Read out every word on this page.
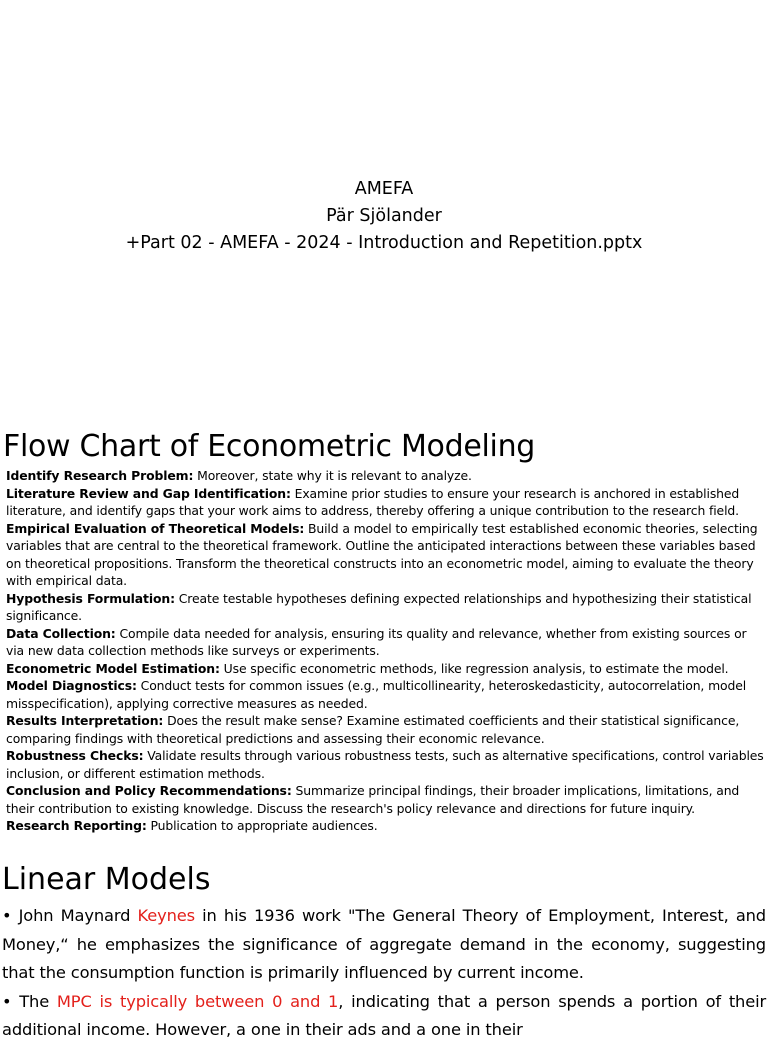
AMEFA
Pär Sjölander
+Part 02 - AMEFA - 2024 - Introduction and Repetition.pptx
Flow Chart of Econometric Modeling
Identify Research Problem: Moreover, state why it is relevant to analyze.
Literature Review and Gap Identification: Examine prior studies to ensure your research is anchored in established literature, and identify gaps that your work aims to address, thereby offering a unique contribution to the research field.
Empirical Evaluation of Theoretical Models: Build a model to empirically test established economic theories, selecting variables that are central to the theoretical framework. Outline the anticipated interactions between these variables based on theoretical propositions. Transform the theoretical constructs into an econometric model, aiming to evaluate the theory with empirical data.
Hypothesis Formulation: Create testable hypotheses defining expected relationships and hypothesizing their statistical significance.
Data Collection: Compile data needed for analysis, ensuring its quality and relevance, whether from existing sources or via new data collection methods like surveys or experiments.
Econometric Model Estimation: Use specific econometric methods, like regression analysis, to estimate the model.
Model Diagnostics: Conduct tests for common issues (e.g., multicollinearity, heteroskedasticity, autocorrelation, model misspecification), applying corrective measures as needed.
Results Interpretation: Does the result make sense? Examine estimated coefficients and their statistical significance, comparing findings with theoretical predictions and assessing their economic relevance.
Robustness Checks: Validate results through various robustness tests, such as alternative specifications, control variables inclusion, or different estimation methods.
Conclusion and Policy Recommendations: Summarize principal findings, their broader implications, limitations, and their contribution to existing knowledge. Discuss the research's policy relevance and directions for future inquiry.
Research Reporting: Publication to appropriate audiences.
Linear Models
• John Maynard Keynes in his 1936 work "The General Theory of Employment, Interest, and Money,“ he emphasizes the significance of aggregate demand in the economy, suggesting that the consumption function is primarily influenced by current income.
• The MPC is typically between 0 and 1, indicating that a person spends a portion of their additional income. However, a one in their ads and a one in their
